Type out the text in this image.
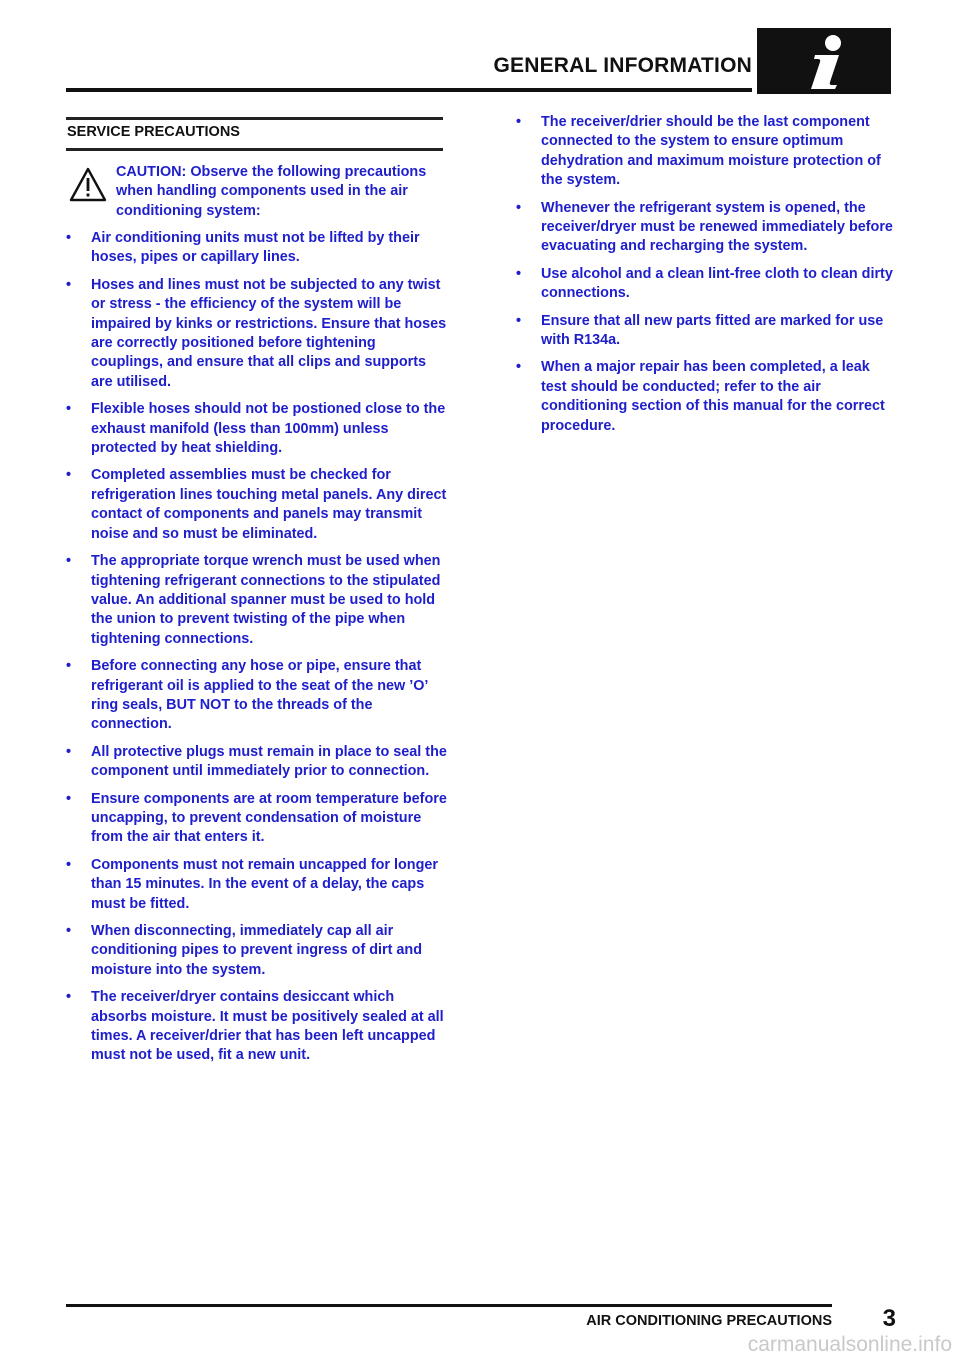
GENERAL INFORMATION
SERVICE PRECAUTIONS
CAUTION: Observe the following precautions when handling components used in the air conditioning system:
• Air conditioning units must not be lifted by their hoses, pipes or capillary lines.
• Hoses and lines must not be subjected to any twist or stress - the efficiency of the system will be impaired by kinks or restrictions. Ensure that hoses are correctly positioned before tightening couplings, and ensure that all clips and supports are utilised.
• Flexible hoses should not be postioned close to the exhaust manifold (less than 100mm) unless protected by heat shielding.
• Completed assemblies must be checked for refrigeration lines touching metal panels. Any direct contact of components and panels may transmit noise and so must be eliminated.
• The appropriate torque wrench must be used when tightening refrigerant connections to the stipulated value. An additional spanner must be used to hold the union to prevent twisting of the pipe when tightening connections.
• Before connecting any hose or pipe, ensure that refrigerant oil is applied to the seat of the new ’O’ ring seals, BUT NOT to the threads of the connection.
• All protective plugs must remain in place to seal the component until immediately prior to connection.
• Ensure components are at room temperature before uncapping, to prevent condensation of moisture from the air that enters it.
• Components must not remain uncapped for longer than 15 minutes. In the event of a delay, the caps must be fitted.
• When disconnecting, immediately cap all air conditioning pipes to prevent ingress of dirt and moisture into the system.
• The receiver/dryer contains desiccant which absorbs moisture. It must be positively sealed at all times. A receiver/drier that has been left uncapped must not be used, fit a new unit.
• The receiver/drier should be the last component connected to the system to ensure optimum dehydration and maximum moisture protection of the system.
• Whenever the refrigerant system is opened, the receiver/dryer must be renewed immediately before evacuating and recharging the system.
• Use alcohol and a clean lint-free cloth to clean dirty connections.
• Ensure that all new parts fitted are marked for use with R134a.
• When a major repair has been completed, a leak test should be conducted; refer to the air conditioning section of this manual for the correct procedure.
AIR CONDITIONING PRECAUTIONS	3
carmanualsonline.info
